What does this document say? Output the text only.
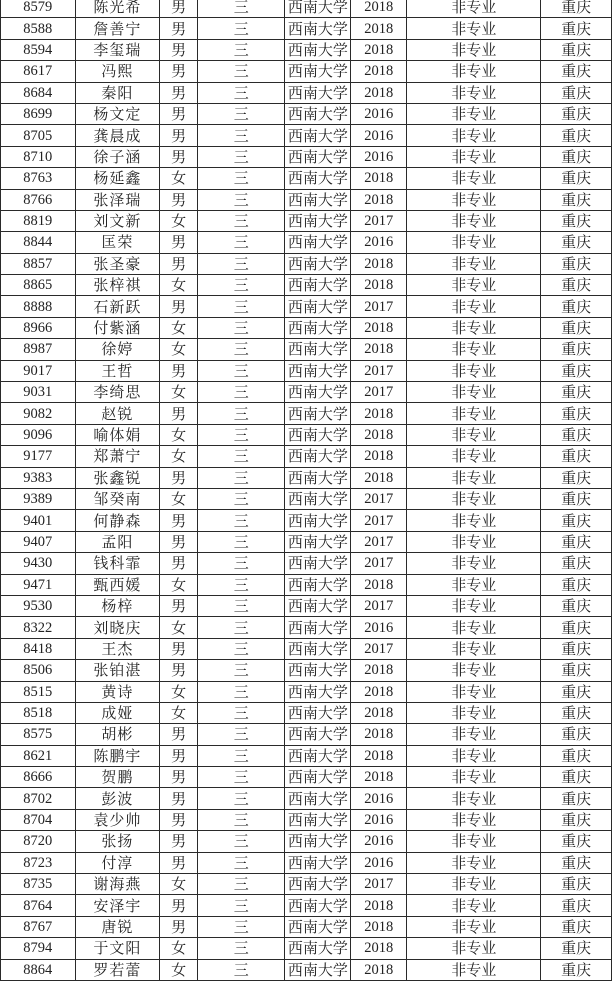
8579	陈光希	男	三	西南大学	2018	非专业	重庆
8588	詹善宁	男	三	西南大学	2018	非专业	重庆
8594	李玺瑞	男	三	西南大学	2018	非专业	重庆
8617	冯熙	男	三	西南大学	2018	非专业	重庆
8684	秦阳	男	三	西南大学	2018	非专业	重庆
8699	杨文定	男	三	西南大学	2016	非专业	重庆
8705	龚晨成	男	三	西南大学	2016	非专业	重庆
8710	徐子涵	男	三	西南大学	2016	非专业	重庆
8763	杨延鑫	女	三	西南大学	2018	非专业	重庆
8766	张泽瑞	男	三	西南大学	2018	非专业	重庆
8819	刘文新	女	三	西南大学	2017	非专业	重庆
8844	匡荣	男	三	西南大学	2016	非专业	重庆
8857	张圣豪	男	三	西南大学	2018	非专业	重庆
8865	张梓祺	女	三	西南大学	2018	非专业	重庆
8888	石新跃	男	三	西南大学	2017	非专业	重庆
8966	付紫涵	女	三	西南大学	2018	非专业	重庆
8987	徐婷	女	三	西南大学	2018	非专业	重庆
9017	王哲	男	三	西南大学	2017	非专业	重庆
9031	李绮思	女	三	西南大学	2017	非专业	重庆
9082	赵锐	男	三	西南大学	2018	非专业	重庆
9096	喻体娟	女	三	西南大学	2018	非专业	重庆
9177	郑萧宁	女	三	西南大学	2018	非专业	重庆
9383	张鑫锐	男	三	西南大学	2018	非专业	重庆
9389	邹癸南	女	三	西南大学	2017	非专业	重庆
9401	何静森	男	三	西南大学	2017	非专业	重庆
9407	孟阳	男	三	西南大学	2017	非专业	重庆
9430	钱科霏	男	三	西南大学	2017	非专业	重庆
9471	甄西媛	女	三	西南大学	2018	非专业	重庆
9530	杨梓	男	三	西南大学	2017	非专业	重庆
8322	刘晓庆	女	三	西南大学	2016	非专业	重庆
8418	王杰	男	三	西南大学	2017	非专业	重庆
8506	张铂湛	男	三	西南大学	2018	非专业	重庆
8515	黄诗	女	三	西南大学	2018	非专业	重庆
8518	成娅	女	三	西南大学	2018	非专业	重庆
8575	胡彬	男	三	西南大学	2018	非专业	重庆
8621	陈鹏宇	男	三	西南大学	2018	非专业	重庆
8666	贺鹏	男	三	西南大学	2018	非专业	重庆
8702	彭波	男	三	西南大学	2016	非专业	重庆
8704	袁少帅	男	三	西南大学	2016	非专业	重庆
8720	张扬	男	三	西南大学	2016	非专业	重庆
8723	付淳	男	三	西南大学	2016	非专业	重庆
8735	谢海燕	女	三	西南大学	2017	非专业	重庆
8764	安泽宇	男	三	西南大学	2018	非专业	重庆
8767	唐锐	男	三	西南大学	2018	非专业	重庆
8794	于文阳	女	三	西南大学	2018	非专业	重庆
8864	罗若蕾	女	三	西南大学	2018	非专业	重庆
